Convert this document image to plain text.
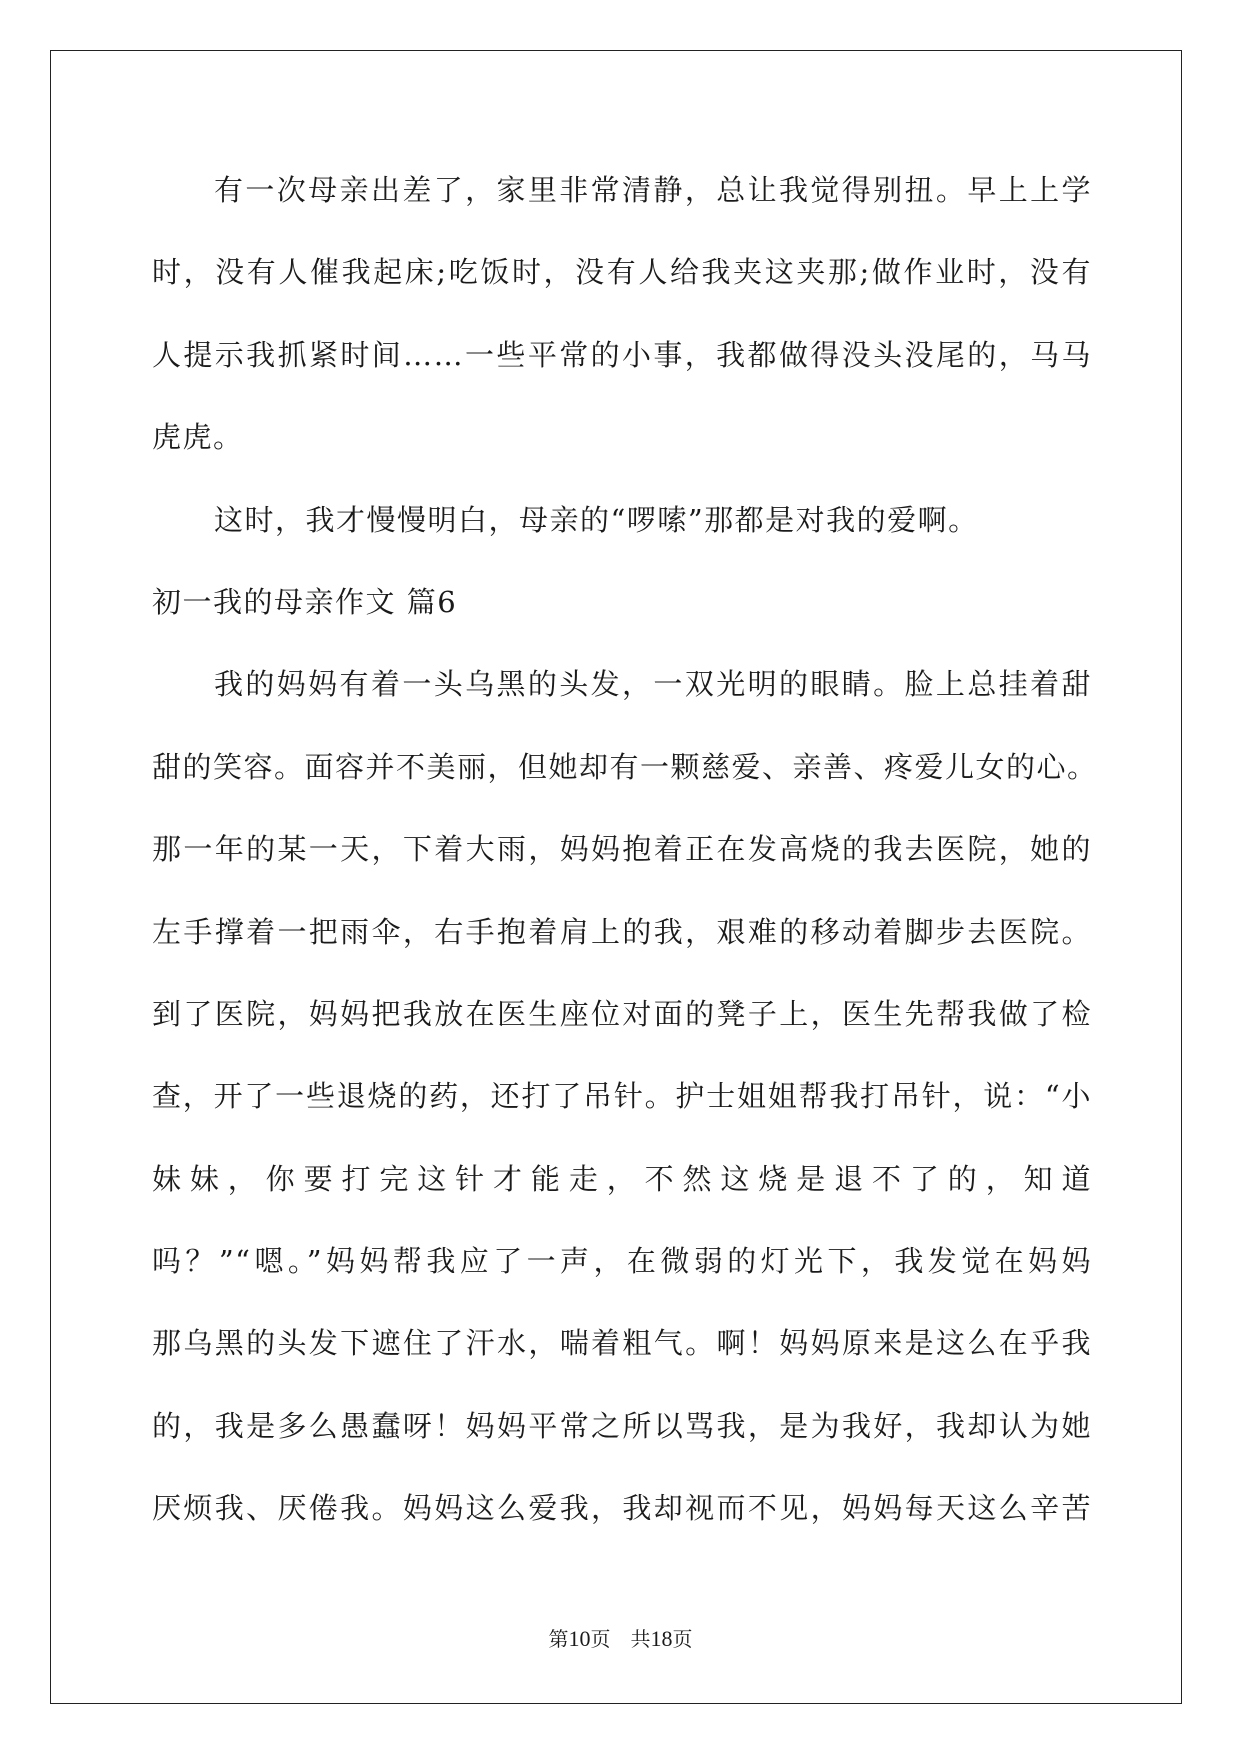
有一次母亲出差了，家里非常清静，总让我觉得别扭。早上上学
时，没有人催我起床;吃饭时，没有人给我夹这夹那;做作业时，没有
人提示我抓紧时间……一些平常的小事，我都做得没头没尾的，马马
虎虎。
这时，我才慢慢明白，母亲的“啰嗦”那都是对我的爱啊。
初一我的母亲作文 篇6
我的妈妈有着一头乌黑的头发，一双光明的眼睛。脸上总挂着甜
甜的笑容。面容并不美丽，但她却有一颗慈爱、亲善、疼爱儿女的心。
那一年的某一天，下着大雨，妈妈抱着正在发高烧的我去医院，她的
左手撑着一把雨伞，右手抱着肩上的我，艰难的移动着脚步去医院。
到了医院，妈妈把我放在医生座位对面的凳子上，医生先帮我做了检
查，开了一些退烧的药，还打了吊针。护士姐姐帮我打吊针，说：“小
妹妹，你要打完这针才能走，不然这烧是退不了的，知道
吗？”“嗯。”妈妈帮我应了一声，在微弱的灯光下，我发觉在妈妈
那乌黑的头发下遮住了汗水，喘着粗气。啊！妈妈原来是这么在乎我
的，我是多么愚蠢呀！妈妈平常之所以骂我，是为我好，我却认为她
厌烦我、厌倦我。妈妈这么爱我，我却视而不见，妈妈每天这么辛苦
第10页 共18页
